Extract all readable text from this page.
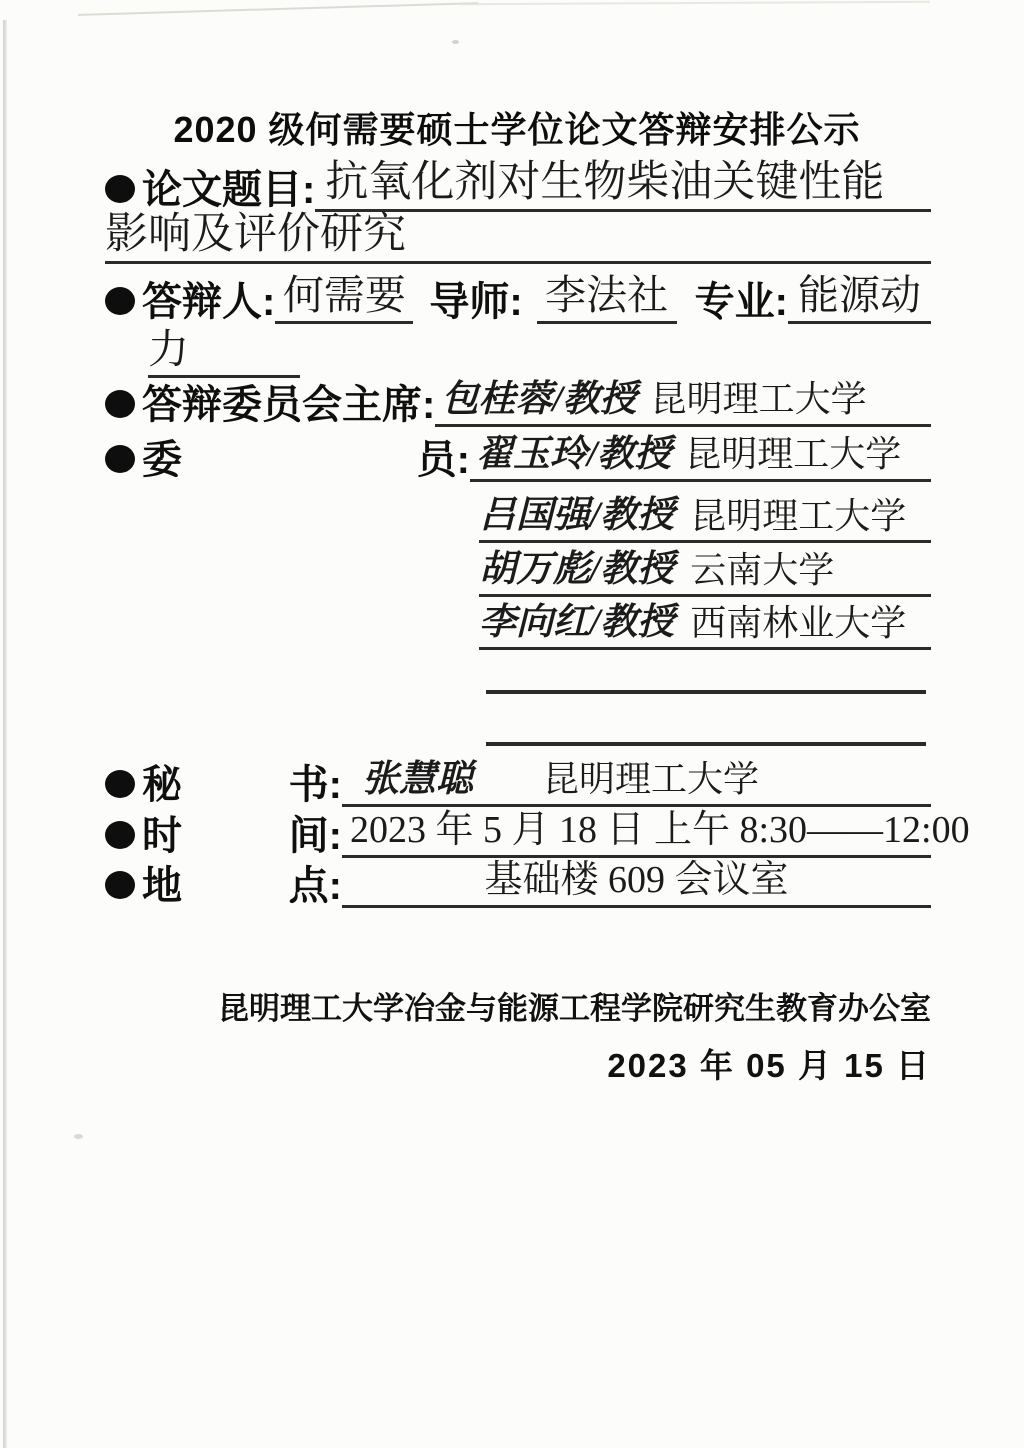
2020 级何需要硕士学位论文答辩安排公示
论文题目: 抗氧化剂对生物柴油关键性能
影响及评价研究
答辩人: 何需要 导师: 李法社 专业: 能源动
力
答辩委员会主席: 包桂蓉/教授 昆明理工大学
委	员: 翟玉玲/教授 昆明理工大学
吕国强/教授 昆明理工大学
胡万彪/教授 云南大学
李向红/教授 西南林业大学
秘	书: 张慧聪 昆明理工大学
时	间: 2023 年 5 月 18 日 上午 8:30——12:00
地	点:	基础楼 609 会议室
昆明理工大学冶金与能源工程学院研究生教育办公室
2023 年 05 月 15 日
